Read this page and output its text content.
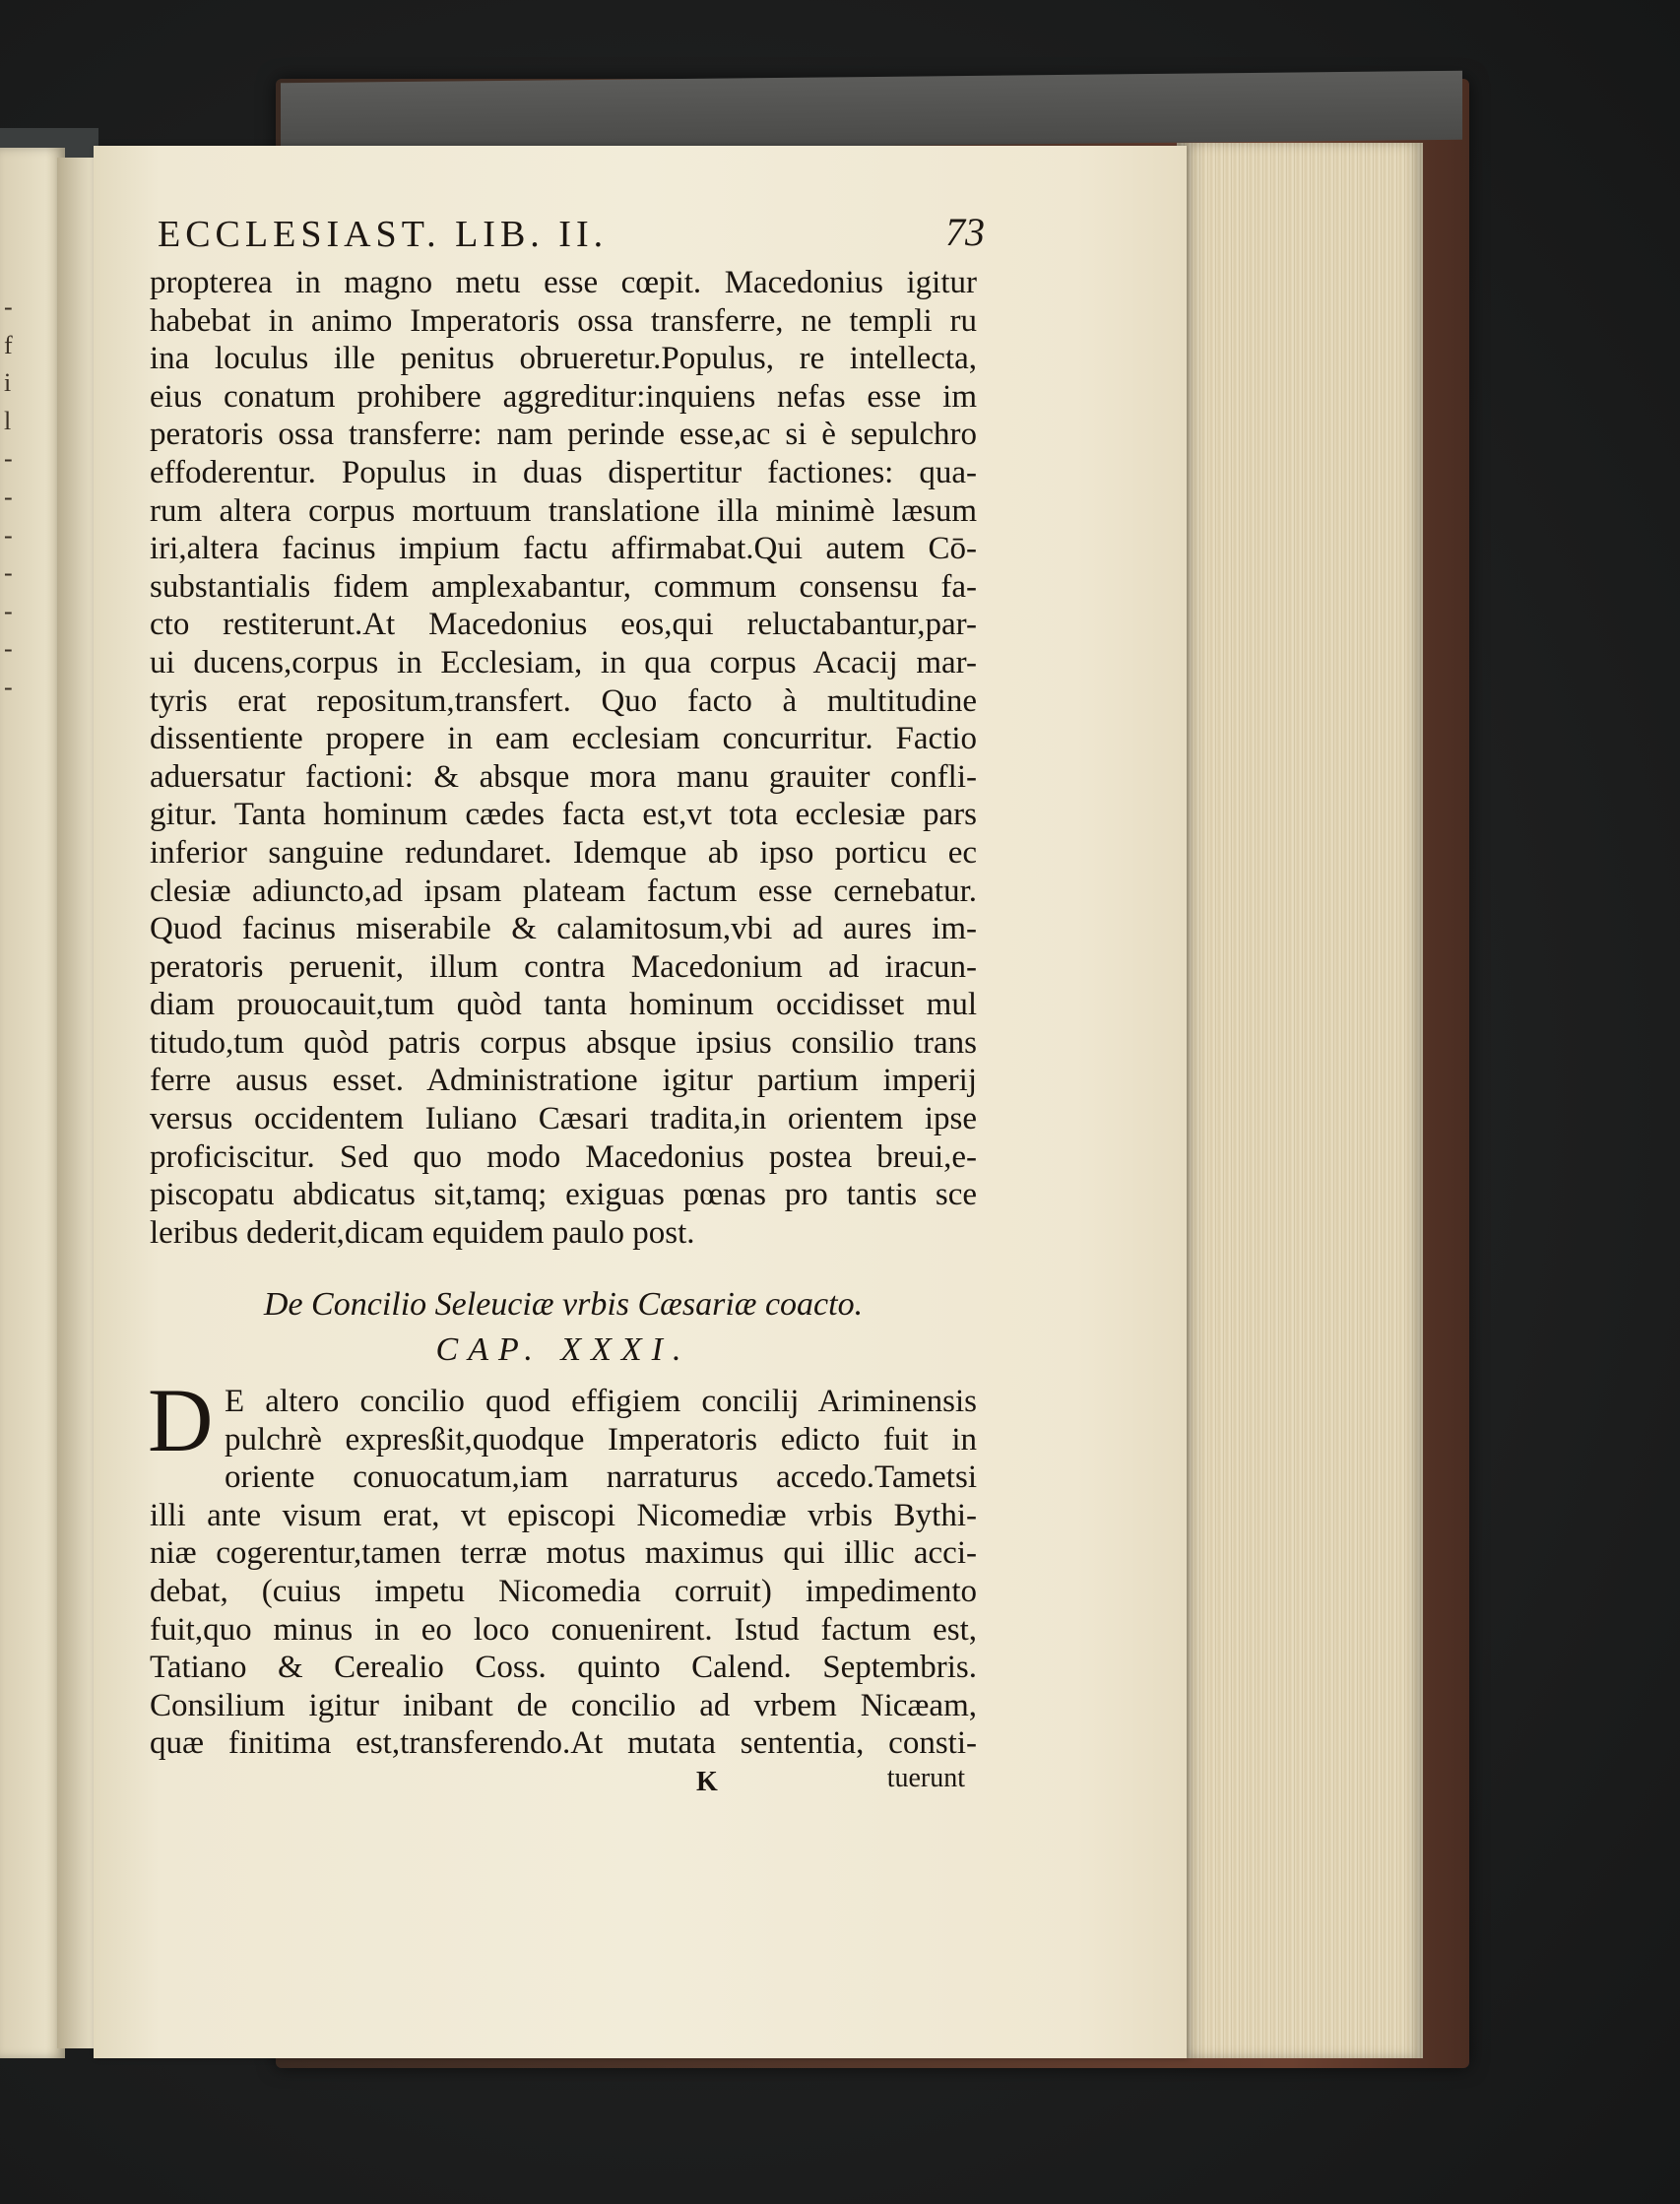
-
f
i
l
-
-
-
-
-
-
-
ECCLESIAST. LIB. II.	73
propterea in magno metu esse cœpit. Macedonius igitur
habebat in animo Imperatoris ossa transferre, ne templi ru
ina loculus ille penitus obrueretur.Populus, re intellecta,
eius conatum prohibere aggreditur:inquiens nefas esse im
peratoris ossa transferre: nam perinde esse,ac si è sepulchro
effoderentur. Populus in duas dispertitur factiones: qua-
rum altera corpus mortuum translatione illa minimè læsum
iri,altera facinus impium factu affirmabat.Qui autem Cō-
substantialis fidem amplexabantur, commum consensu fa-
cto restiterunt.At Macedonius eos,qui reluctabantur,par-
ui ducens,corpus in Ecclesiam, in qua corpus Acacij mar-
tyris erat repositum,transfert. Quo facto à multitudine
dissentiente propere in eam ecclesiam concurritur. Factio
aduersatur factioni: & absque mora manu grauiter confli-
gitur. Tanta hominum cædes facta est,vt tota ecclesiæ pars
inferior sanguine redundaret. Idemque ab ipso porticu ec
clesiæ adiuncto,ad ipsam plateam factum esse cernebatur.
Quod facinus miserabile & calamitosum,vbi ad aures im-
peratoris peruenit, illum contra Macedonium ad iracun-
diam prouocauit,tum quòd tanta hominum occidisset mul
titudo,tum quòd patris corpus absque ipsius consilio trans
ferre ausus esset. Administratione igitur partium imperij
versus occidentem Iuliano Cæsari tradita,in orientem ipse
proficiscitur. Sed quo modo Macedonius postea breui,e-
piscopatu abdicatus sit,tamq; exiguas pœnas pro tantis sce
leribus dederit,dicam equidem paulo post.
De Concilio Seleuciæ vrbis Cæsariæ coacto.
CAP. XXXI.
D E altero concilio quod effigiem concilij Ariminensis
pulchrè expresßit,quodque Imperatoris edicto fuit in
oriente conuocatum,iam narraturus accedo.Tametsi
illi ante visum erat, vt episcopi Nicomediæ vrbis Bythi-
niæ cogerentur,tamen terræ motus maximus qui illic acci-
debat, (cuius impetu Nicomedia corruit) impedimento
fuit,quo minus in eo loco conuenirent. Istud factum est,
Tatiano & Cerealio Coss. quinto Calend. Septembris.
Consilium igitur inibant de concilio ad vrbem Nicæam,
quæ finitima est,transferendo.At mutata sententia, consti-
K	tuerunt
